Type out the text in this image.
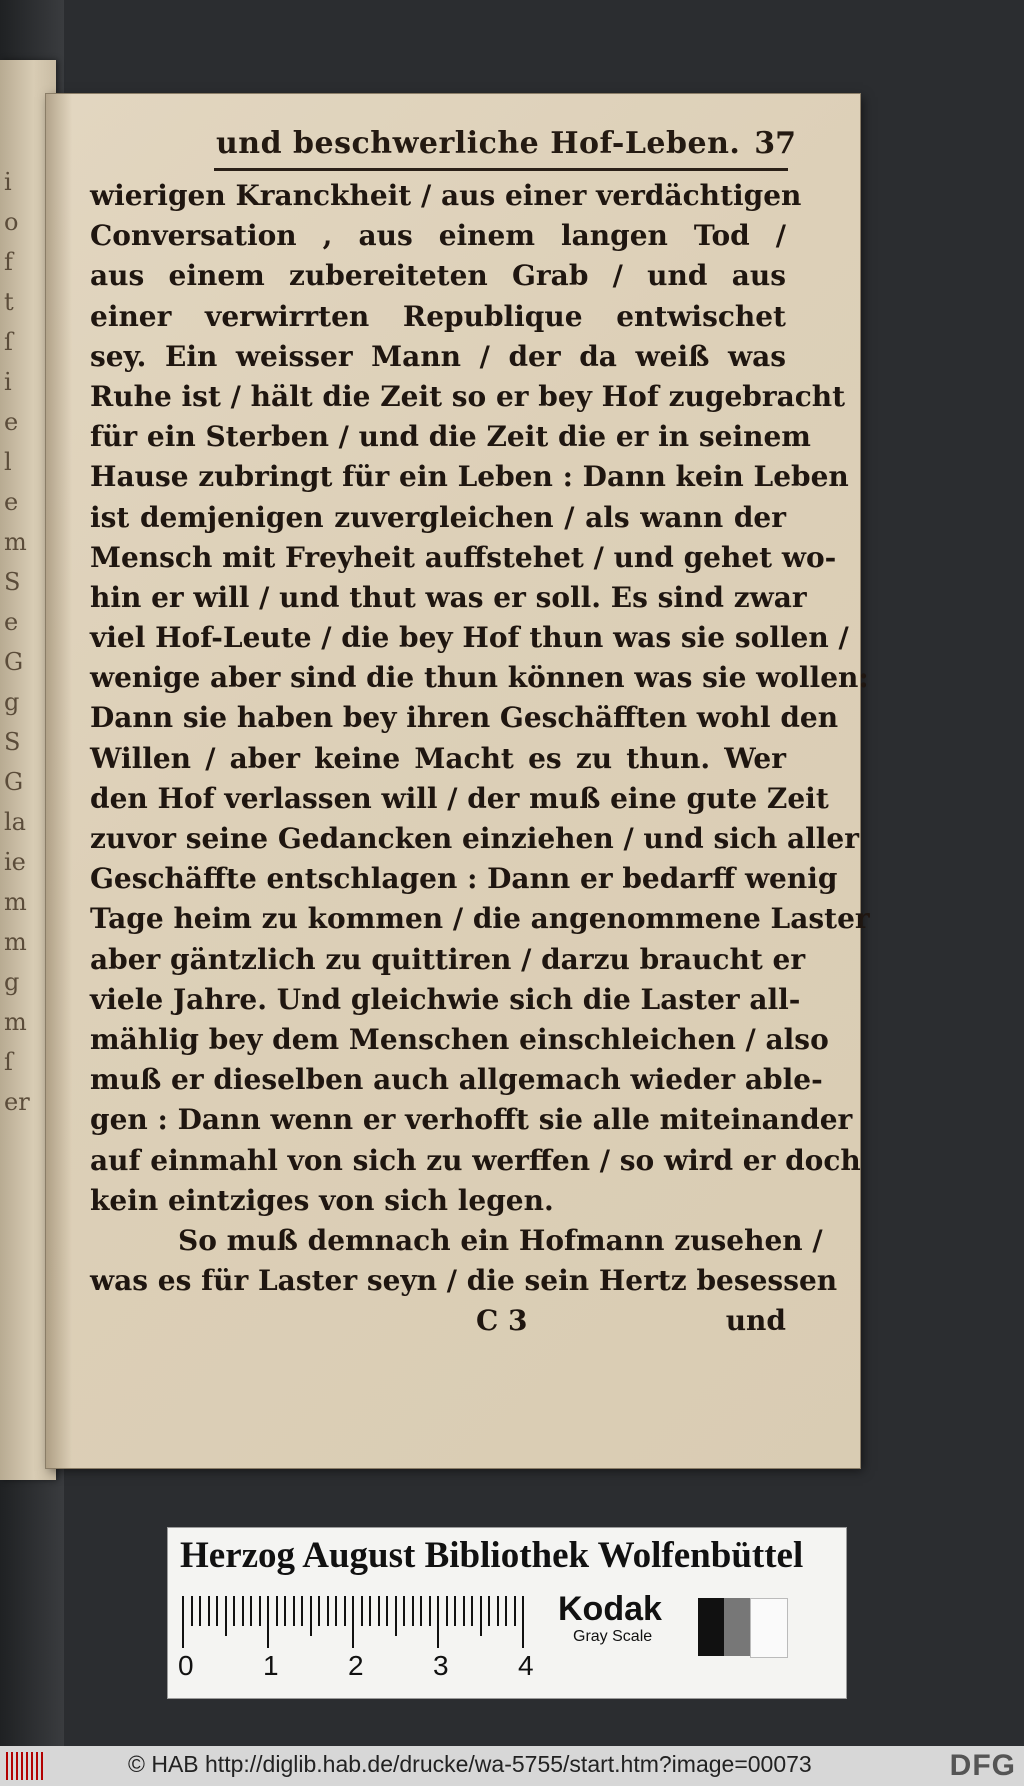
i
o
f
t
ſ
i
e
l
e
m
S
e
G
g
S
G
la
ie
m
m
g
m
ſ
er
und beschwerliche Hof-Leben. 37
wierigen Kranckheit / aus einer verdächtigen
Conversation , aus einem langen Tod /
aus einem zubereiteten Grab / und aus
einer verwirrten Republique entwischet
sey. Ein weisser Mann / der da weiß was
Ruhe ist / hält die Zeit so er bey Hof zugebracht
für ein Sterben / und die Zeit die er in seinem
Hause zubringt für ein Leben : Dann kein Leben
ist demjenigen zuvergleichen / als wann der
Mensch mit Freyheit auffstehet / und gehet wo-
hin er will / und thut was er soll. Es sind zwar
viel Hof-Leute / die bey Hof thun was sie sollen /
wenige aber sind die thun können was sie wollen:
Dann sie haben bey ihren Geschäfften wohl den
Willen / aber keine Macht es zu thun. Wer
den Hof verlassen will / der muß eine gute Zeit
zuvor seine Gedancken einziehen / und sich aller
Geschäffte entschlagen : Dann er bedarff wenig
Tage heim zu kommen / die angenommene Laster
aber gäntzlich zu quittiren / darzu braucht er
viele Jahre. Und gleichwie sich die Laster all-
mählig bey dem Menschen einschleichen / also
muß er dieselben auch allgemach wieder able-
gen : Dann wenn er verhofft sie alle miteinander
auf einmahl von sich zu werffen / so wird er doch
kein eintziges von sich legen.
So muß demnach ein Hofmann zusehen /
was es für Laster seyn / die sein Hertz besessen
C 3	und
Herzog August Bibliothek Wolfenbüttel
0 1 2 3 4
Kodak
Gray Scale
© HAB http://diglib.hab.de/drucke/wa-5755/start.htm?image=00073	DFG
